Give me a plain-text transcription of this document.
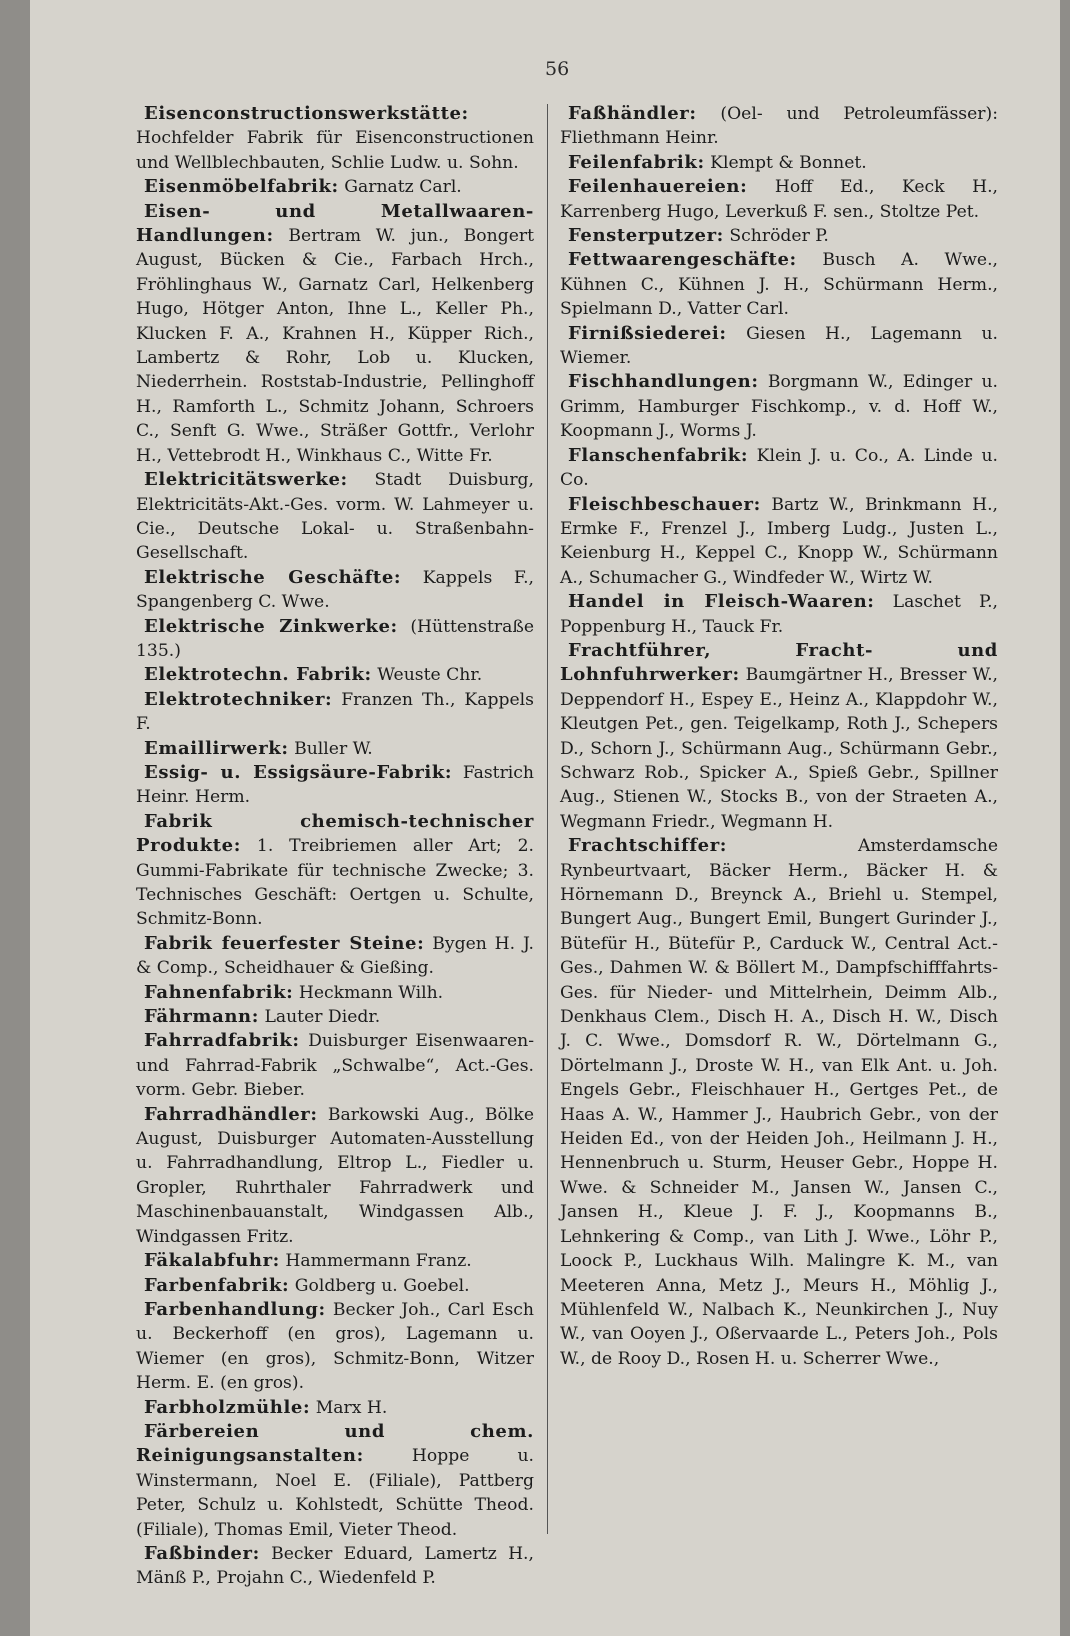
56

Eisenconstructionswerkstätte: Hochfelder Fabrik für Eisenconstructionen und Wellblechbauten, Schlie Ludw. u. Sohn.

Eisenmöbelfabrik: Garnatz Carl.

Eisen- und Metallwaaren-Handlungen: Bertram W. jun., Bongert August, Bücken & Cie., Farbach Hrch., Fröhlinghaus W., Garnatz Carl, Helkenberg Hugo, Hötger Anton, Ihne L., Keller Ph., Klucken F. A., Krahnen H., Küpper Rich., Lambertz & Rohr, Lob u. Klucken, Niederrhein. Roststab-Industrie, Pellinghoff H., Ramforth L., Schmitz Johann, Schroers C., Senft G. Wwe., Sträßer Gottfr., Verlohr H., Vettebrodt H., Winkhaus C., Witte Fr.

Elektricitätswerke: Stadt Duisburg, Elektricitäts-Akt.-Ges. vorm. W. Lahmeyer u. Cie., Deutsche Lokal- u. Straßenbahn-Gesellschaft.

Elektrische Geschäfte: Kappels F., Spangenberg C. Wwe.

Elektrische Zinkwerke: (Hüttenstraße 135.)

Elektrotechn. Fabrik: Weuste Chr.

Elektrotechniker: Franzen Th., Kappels F.

Emaillirwerk: Buller W.

Essig- u. Essigsäure-Fabrik: Fastrich Heinr. Herm.

Fabrik chemisch-technischer Produkte: 1. Treibriemen aller Art; 2. Gummi-Fabrikate für technische Zwecke; 3. Technisches Geschäft: Oertgen u. Schulte, Schmitz-Bonn.

Fabrik feuerfester Steine: Bygen H. J. & Comp., Scheidhauer & Gießing.

Fahnenfabrik: Heckmann Wilh.

Fährmann: Lauter Diedr.

Fahrradfabrik: Duisburger Eisenwaaren- und Fahrrad-Fabrik „Schwalbe“, Act.-Ges. vorm. Gebr. Bieber.

Fahrradhändler: Barkowski Aug., Bölke August, Duisburger Automaten-Ausstellung u. Fahrradhandlung, Eltrop L., Fiedler u. Gropler, Ruhrthaler Fahrradwerk und Maschinenbauanstalt, Windgassen Alb., Windgassen Fritz.

Fäkalabfuhr: Hammermann Franz.

Farbenfabrik: Goldberg u. Goebel.

Farbenhandlung: Becker Joh., Carl Esch u. Beckerhoff (en gros), Lagemann u. Wiemer (en gros), Schmitz-Bonn, Witzer Herm. E. (en gros).

Farbholzmühle: Marx H.

Färbereien und chem. Reinigungsanstalten:	Hoppe u. Winstermann, Noel E. (Filiale), Pattberg Peter, Schulz u. Kohlstedt, Schütte Theod. (Filiale), Thomas Emil, Vieter Theod.

Faßbinder: Becker Eduard, Lamertz H., Mänß P., Projahn C., Wiedenfeld P.

Faßhändler: (Oel- und Petroleumfässer): Fliethmann Heinr.

Feilenfabrik: Klempt & Bonnet.

Feilenhauereien: Hoff Ed., Keck H., Karrenberg Hugo, Leverkuß F. sen., Stoltze Pet.

Fensterputzer: Schröder P.

Fettwaarengeschäfte: Busch A. Wwe., Kühnen C., Kühnen J. H., Schürmann Herm., Spielmann D., Vatter Carl.

Firnißsiederei: Giesen H., Lagemann u. Wiemer.

Fischhandlungen: Borgmann W., Edinger u. Grimm, Hamburger Fischkomp., v. d. Hoff W., Koopmann J., Worms J.

Flanschenfabrik: Klein J. u. Co., A. Linde u. Co.

Fleischbeschauer: Bartz W., Brinkmann H., Ermke F., Frenzel J., Imberg Ludg., Justen L., Keienburg H., Keppel C., Knopp W., Schürmann A., Schumacher G., Windfeder W., Wirtz W.

Handel in Fleisch-Waaren: Laschet P., Poppenburg H., Tauck Fr.

Frachtführer, Fracht- und Lohnfuhrwerker: Baumgärtner H., Bresser W., Deppendorf H., Espey E., Heinz A., Klappdohr W., Kleutgen Pet., gen. Teigelkamp, Roth J., Schepers D., Schorn J., Schürmann Aug., Schürmann Gebr., Schwarz Rob., Spicker A., Spieß Gebr., Spillner Aug., Stienen W., Stocks B., von der Straeten A., Wegmann Friedr., Wegmann H.

Frachtschiffer:	Amsterdamsche Rynbeurtvaart, Bäcker Herm., Bäcker H. & Hörnemann D., Breynck A., Briehl u. Stempel, Bungert Aug., Bungert Emil, Bungert Gurinder J., Bütefür H., Bütefür P., Carduck W., Central Act.-Ges., Dahmen W. & Böllert M., Dampfschifffahrts-Ges. für Nieder- und Mittelrhein, Deimm Alb., Denkhaus Clem., Disch H. A., Disch H. W., Disch J. C. Wwe., Domsdorf R. W., Dörtelmann G., Dörtelmann J., Droste W. H., van Elk Ant. u. Joh. Engels Gebr., Fleischhauer H., Gertges Pet., de Haas A. W., Hammer J., Haubrich Gebr., von der Heiden Ed., von der Heiden Joh., Heilmann J. H., Hennenbruch u. Sturm, Heuser Gebr., Hoppe H. Wwe. & Schneider M., Jansen W., Jansen C., Jansen H., Kleue J. F. J., Koopmanns B., Lehnkering & Comp., van Lith J. Wwe., Löhr P., Loock P., Luckhaus Wilh. Malingre K. M., van Meeteren Anna, Metz J., Meurs H., Möhlig J., Mühlenfeld W., Nalbach K., Neunkirchen J., Nuy W., van Ooyen J., Oßervaarde L., Peters Joh., Pols W., de Rooy D., Rosen H. u. Scherrer Wwe.,
